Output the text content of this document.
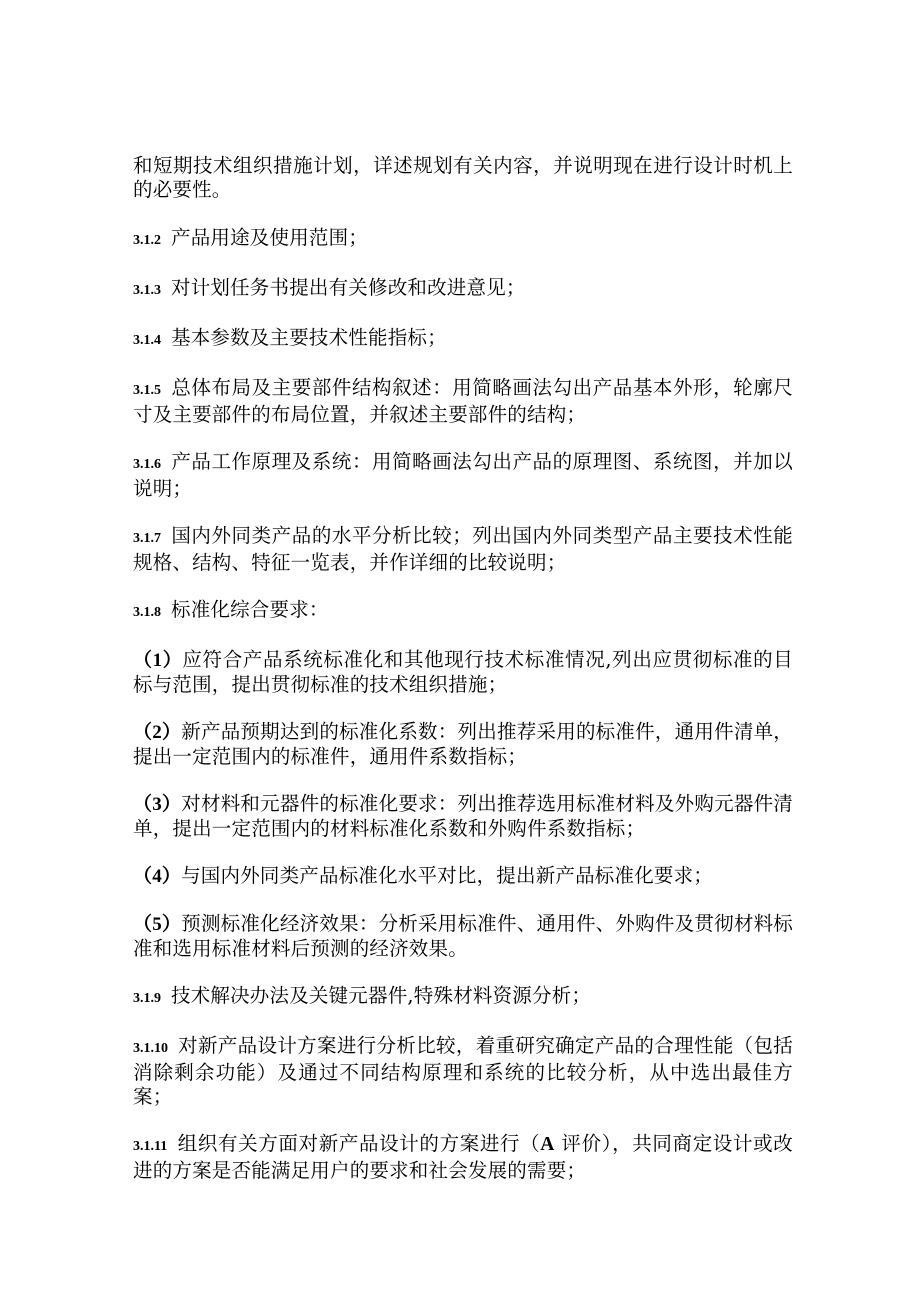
和短期技术组织措施计划，详述规划有关内容，并说明现在进行设计时机上的必要性。

3.1.2 产品用途及使用范围；

3.1.3 对计划任务书提出有关修改和改进意见；

3.1.4 基本参数及主要技术性能指标；

3.1.5 总体布局及主要部件结构叙述：用简略画法勾出产品基本外形，轮廓尺寸及主要部件的布局位置，并叙述主要部件的结构；

3.1.6 产品工作原理及系统：用简略画法勾出产品的原理图、系统图，并加以说明；

3.1.7 国内外同类产品的水平分析比较；列出国内外同类型产品主要技术性能规格、结构、特征一览表，并作详细的比较说明；

3.1.8 标准化综合要求：

（1）应符合产品系统标准化和其他现行技术标准情况,列出应贯彻标准的目标与范围，提出贯彻标准的技术组织措施；

（2）新产品预期达到的标准化系数：列出推荐采用的标准件，通用件清单，提出一定范围内的标准件，通用件系数指标；

（3）对材料和元器件的标准化要求：列出推荐选用标准材料及外购元器件清单，提出一定范围内的材料标准化系数和外购件系数指标；

（4）与国内外同类产品标准化水平对比，提出新产品标准化要求；

（5）预测标准化经济效果：分析采用标准件、通用件、外购件及贯彻材料标准和选用标准材料后预测的经济效果。

3.1.9 技术解决办法及关键元器件,特殊材料资源分析；

3.1.10 对新产品设计方案进行分析比较，着重研究确定产品的合理性能（包括消除剩余功能）及通过不同结构原理和系统的比较分析，从中选出最佳方案；

3.1.11 组织有关方面对新产品设计的方案进行（A 评价），共同商定设计或改进的方案是否能满足用户的要求和社会发展的需要；
